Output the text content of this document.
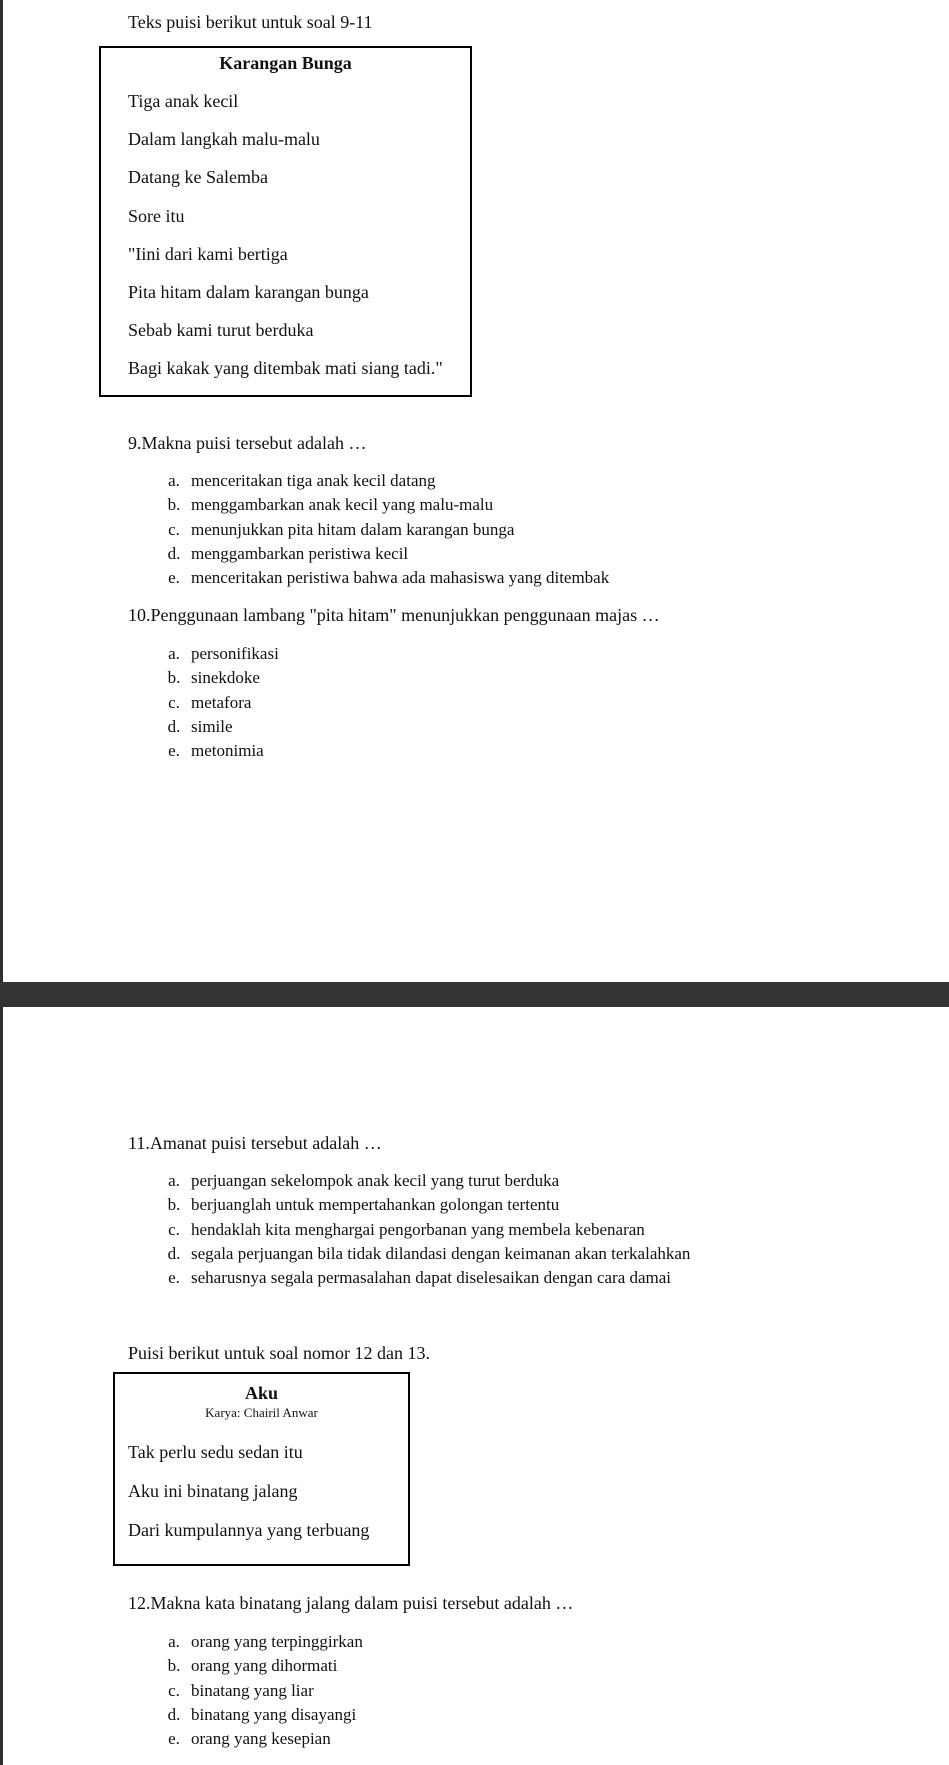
Teks puisi berikut untuk soal 9-11
Karangan Bunga
Tiga anak kecil
Dalam langkah malu-malu
Datang ke Salemba
Sore itu
"Iini dari kami bertiga
Pita hitam dalam karangan bunga
Sebab kami turut berduka
Bagi kakak yang ditembak mati siang tadi."
9.Makna puisi tersebut adalah …
a. menceritakan tiga anak kecil datang
b. menggambarkan anak kecil yang malu-malu
c. menunjukkan pita hitam dalam karangan bunga
d. menggambarkan peristiwa kecil
e. menceritakan peristiwa bahwa ada mahasiswa yang ditembak
10.Penggunaan lambang "pita hitam" menunjukkan penggunaan majas …
a. personifikasi
b. sinekdoke
c. metafora
d. simile
e. metonimia
11.Amanat puisi tersebut adalah …
a. perjuangan sekelompok anak kecil yang turut berduka
b. berjuanglah untuk mempertahankan golongan tertentu
c. hendaklah kita menghargai pengorbanan yang membela kebenaran
d. segala perjuangan bila tidak dilandasi dengan keimanan akan terkalahkan
e. seharusnya segala permasalahan dapat diselesaikan dengan cara damai
Puisi berikut untuk soal nomor 12 dan 13.
Aku
Karya: Chairil Anwar
Tak perlu sedu sedan itu
Aku ini binatang jalang
Dari kumpulannya yang terbuang
12.Makna kata binatang jalang dalam puisi tersebut adalah …
a. orang yang terpinggirkan
b. orang yang dihormati
c. binatang yang liar
d. binatang yang disayangi
e. orang yang kesepian
